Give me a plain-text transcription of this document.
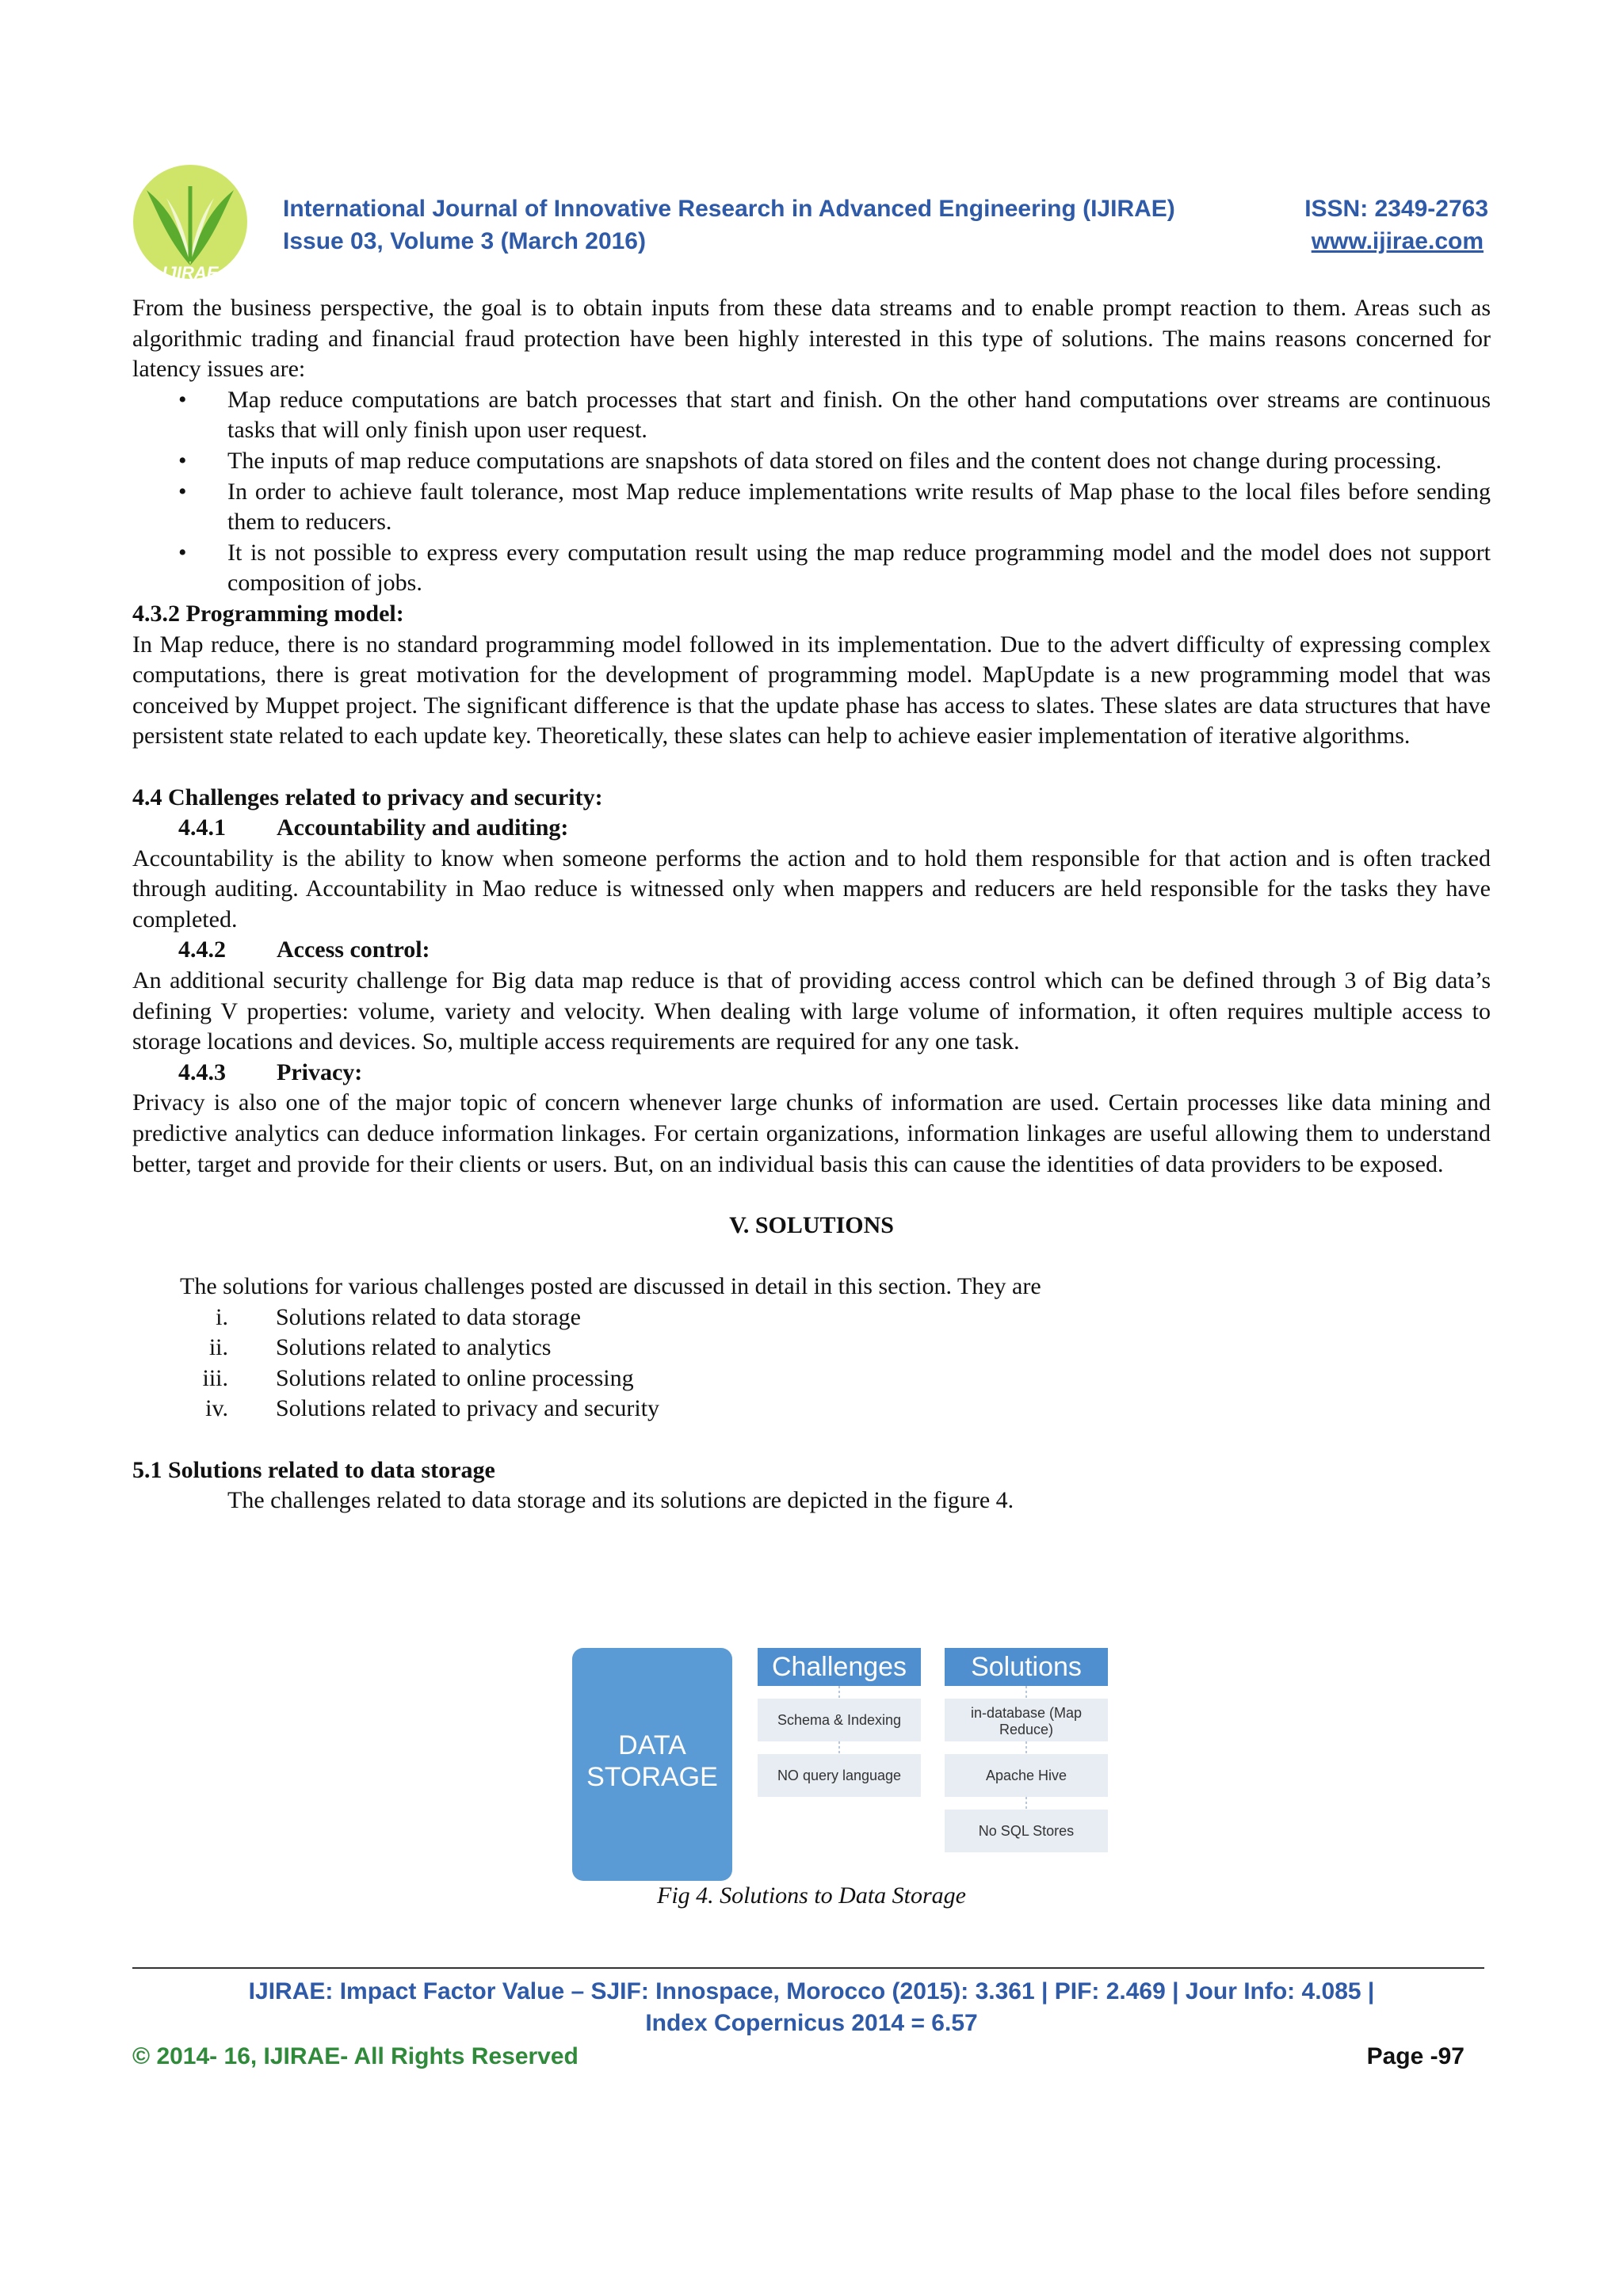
IJIRAE
International Journal of Innovative Research in Advanced Engineering (IJIRAE)
Issue 03, Volume 3 (March 2016)
ISSN: 2349-2763
www.ijirae.com

From the business perspective, the goal is to obtain inputs from these data streams and to enable prompt reaction to them. Areas such as algorithmic trading and financial fraud protection have been highly interested in this type of solutions. The mains reasons concerned for latency issues are:

• Map reduce computations are batch processes that start and finish. On the other hand computations over streams are continuous tasks that will only finish upon user request.
• The inputs of map reduce computations are snapshots of data stored on files and the content does not change during processing.
• In order to achieve fault tolerance, most Map reduce implementations write results of Map phase to the local files before sending them to reducers.
• It is not possible to express every computation result using the map reduce programming model and the model does not support composition of jobs.

4.3.2 Programming model:

In Map reduce, there is no standard programming model followed in its implementation. Due to the advert difficulty of expressing complex computations, there is great motivation for the development of programming model. MapUpdate is a new programming model that was conceived by Muppet project. The significant difference is that the update phase has access to slates. These slates are data structures that have persistent state related to each update key. Theoretically, these slates can help to achieve easier implementation of iterative algorithms.

4.4 Challenges related to privacy and security:

4.4.1 Accountability and auditing:

Accountability is the ability to know when someone performs the action and to hold them responsible for that action and is often tracked through auditing. Accountability in Mao reduce is witnessed only when mappers and reducers are held responsible for the tasks they have completed.

4.4.2 Access control:

An additional security challenge for Big data map reduce is that of providing access control which can be defined through 3 of Big data’s defining V properties: volume, variety and velocity. When dealing with large volume of information, it often requires multiple access to storage locations and devices. So, multiple access requirements are required for any one task.

4.4.3 Privacy:

Privacy is also one of the major topic of concern whenever large chunks of information are used. Certain processes like data mining and predictive analytics can deduce information linkages. For certain organizations, information linkages are useful allowing them to understand better, target and provide for their clients or users. But, on an individual basis this can cause the identities of data providers to be exposed.

V. SOLUTIONS

The solutions for various challenges posted are discussed in detail in this section. They are

i. Solutions related to data storage
ii. Solutions related to analytics
iii. Solutions related to online processing
iv. Solutions related to privacy and security

5.1 Solutions related to data storage

The challenges related to data storage and its solutions are depicted in the figure 4.

DATA
STORAGE
Challenges Solutions
Schema & Indexing
NO query language
in-database (Map
Reduce)
Apache Hive
No SQL Stores
Fig 4. Solutions to Data Storage
IJIRAE: Impact Factor Value – SJIF: Innospace, Morocco (2015): 3.361 | PIF: 2.469 | Jour Info: 4.085 |
Index Copernicus 2014 = 6.57
© 2014- 16, IJIRAE- All Rights Reserved	Page -97
